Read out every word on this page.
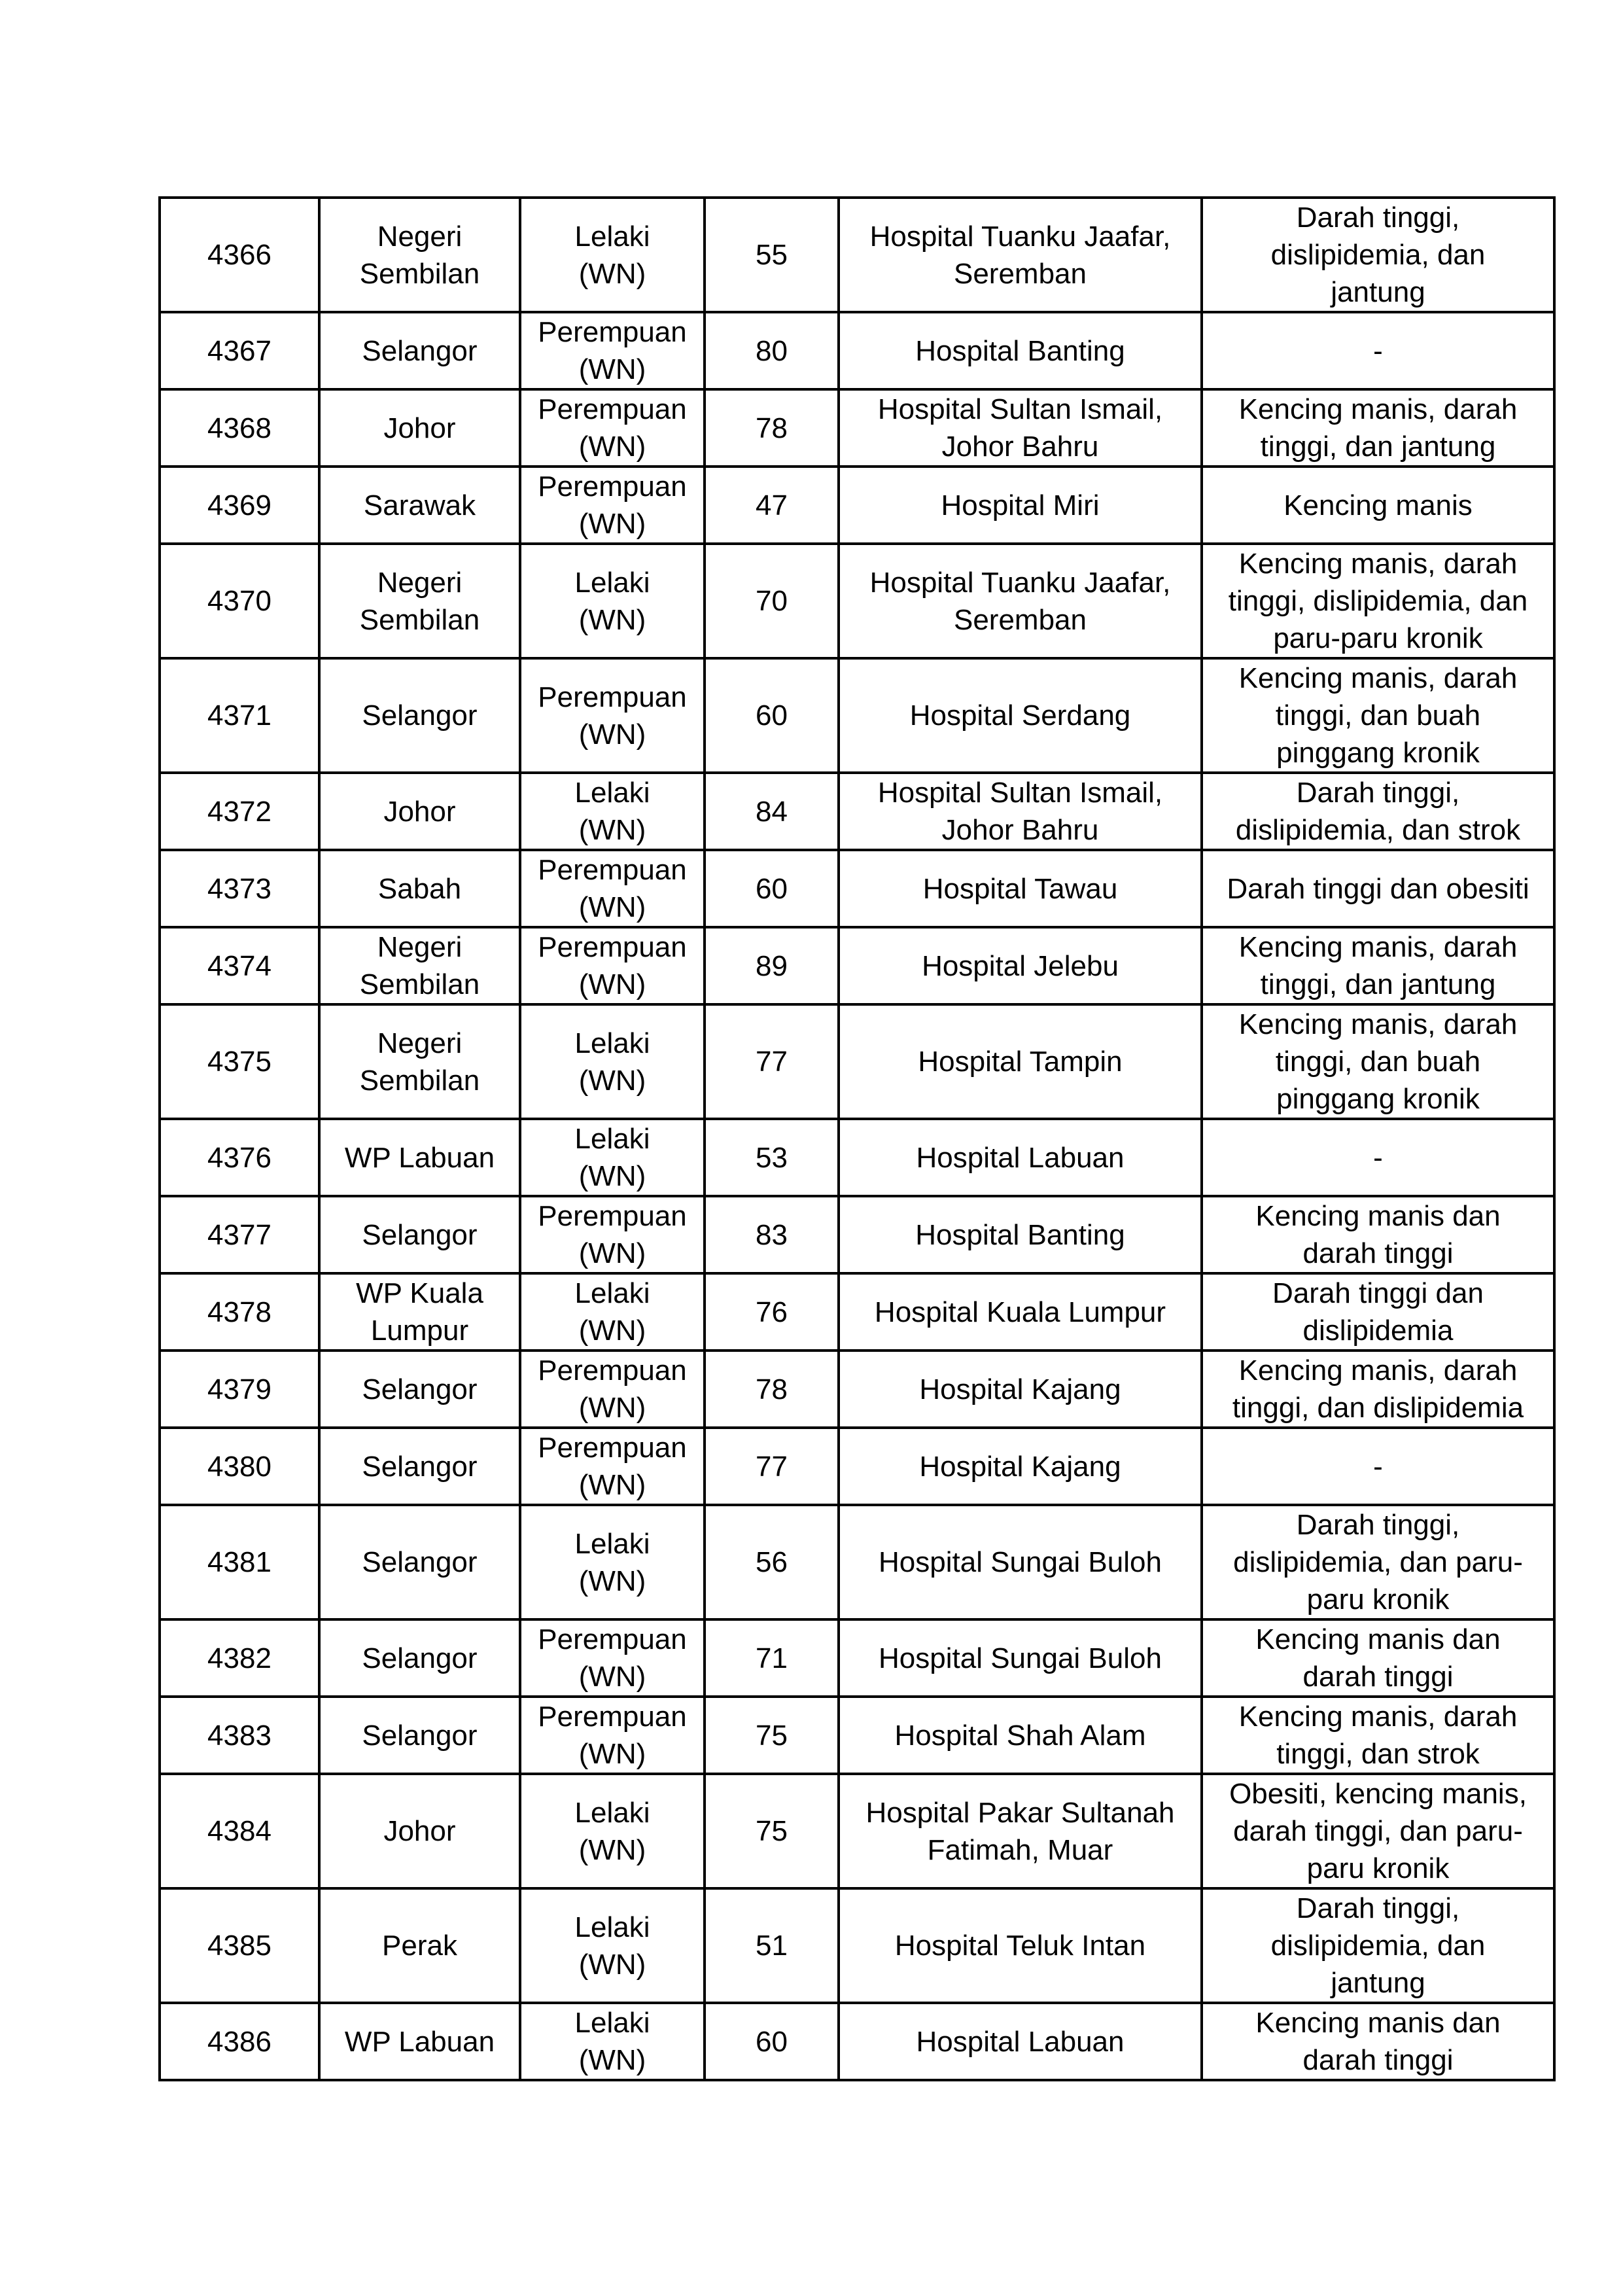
4366	Negeri
Sembilan	Lelaki
(WN)	55	Hospital Tuanku Jaafar,
Seremban	Darah tinggi,
dislipidemia, dan
jantung
4367	Selangor	Perempuan
(WN)	80	Hospital Banting	-
4368	Johor	Perempuan
(WN)	78	Hospital Sultan Ismail,
Johor Bahru	Kencing manis, darah
tinggi, dan jantung
4369	Sarawak	Perempuan
(WN)	47	Hospital Miri	Kencing manis
4370	Negeri
Sembilan	Lelaki
(WN)	70	Hospital Tuanku Jaafar,
Seremban	Kencing manis, darah
tinggi, dislipidemia, dan
paru-paru kronik
4371	Selangor	Perempuan
(WN)	60	Hospital Serdang	Kencing manis, darah
tinggi, dan buah
pinggang kronik
4372	Johor	Lelaki
(WN)	84	Hospital Sultan Ismail,
Johor Bahru	Darah tinggi,
dislipidemia, dan strok
4373	Sabah	Perempuan
(WN)	60	Hospital Tawau	Darah tinggi dan obesiti
4374	Negeri
Sembilan	Perempuan
(WN)	89	Hospital Jelebu	Kencing manis, darah
tinggi, dan jantung
4375	Negeri
Sembilan	Lelaki
(WN)	77	Hospital Tampin	Kencing manis, darah
tinggi, dan buah
pinggang kronik
4376	WP Labuan	Lelaki
(WN)	53	Hospital Labuan	-
4377	Selangor	Perempuan
(WN)	83	Hospital Banting	Kencing manis dan
darah tinggi
4378	WP Kuala
Lumpur	Lelaki
(WN)	76	Hospital Kuala Lumpur	Darah tinggi dan
dislipidemia
4379	Selangor	Perempuan
(WN)	78	Hospital Kajang	Kencing manis, darah
tinggi, dan dislipidemia
4380	Selangor	Perempuan
(WN)	77	Hospital Kajang	-
4381	Selangor	Lelaki
(WN)	56	Hospital Sungai Buloh	Darah tinggi,
dislipidemia, dan paru-
paru kronik
4382	Selangor	Perempuan
(WN)	71	Hospital Sungai Buloh	Kencing manis dan
darah tinggi
4383	Selangor	Perempuan
(WN)	75	Hospital Shah Alam	Kencing manis, darah
tinggi, dan strok
4384	Johor	Lelaki
(WN)	75	Hospital Pakar Sultanah
Fatimah, Muar	Obesiti, kencing manis,
darah tinggi, dan paru-
paru kronik
4385	Perak	Lelaki
(WN)	51	Hospital Teluk Intan	Darah tinggi,
dislipidemia, dan
jantung
4386	WP Labuan	Lelaki
(WN)	60	Hospital Labuan	Kencing manis dan
darah tinggi
